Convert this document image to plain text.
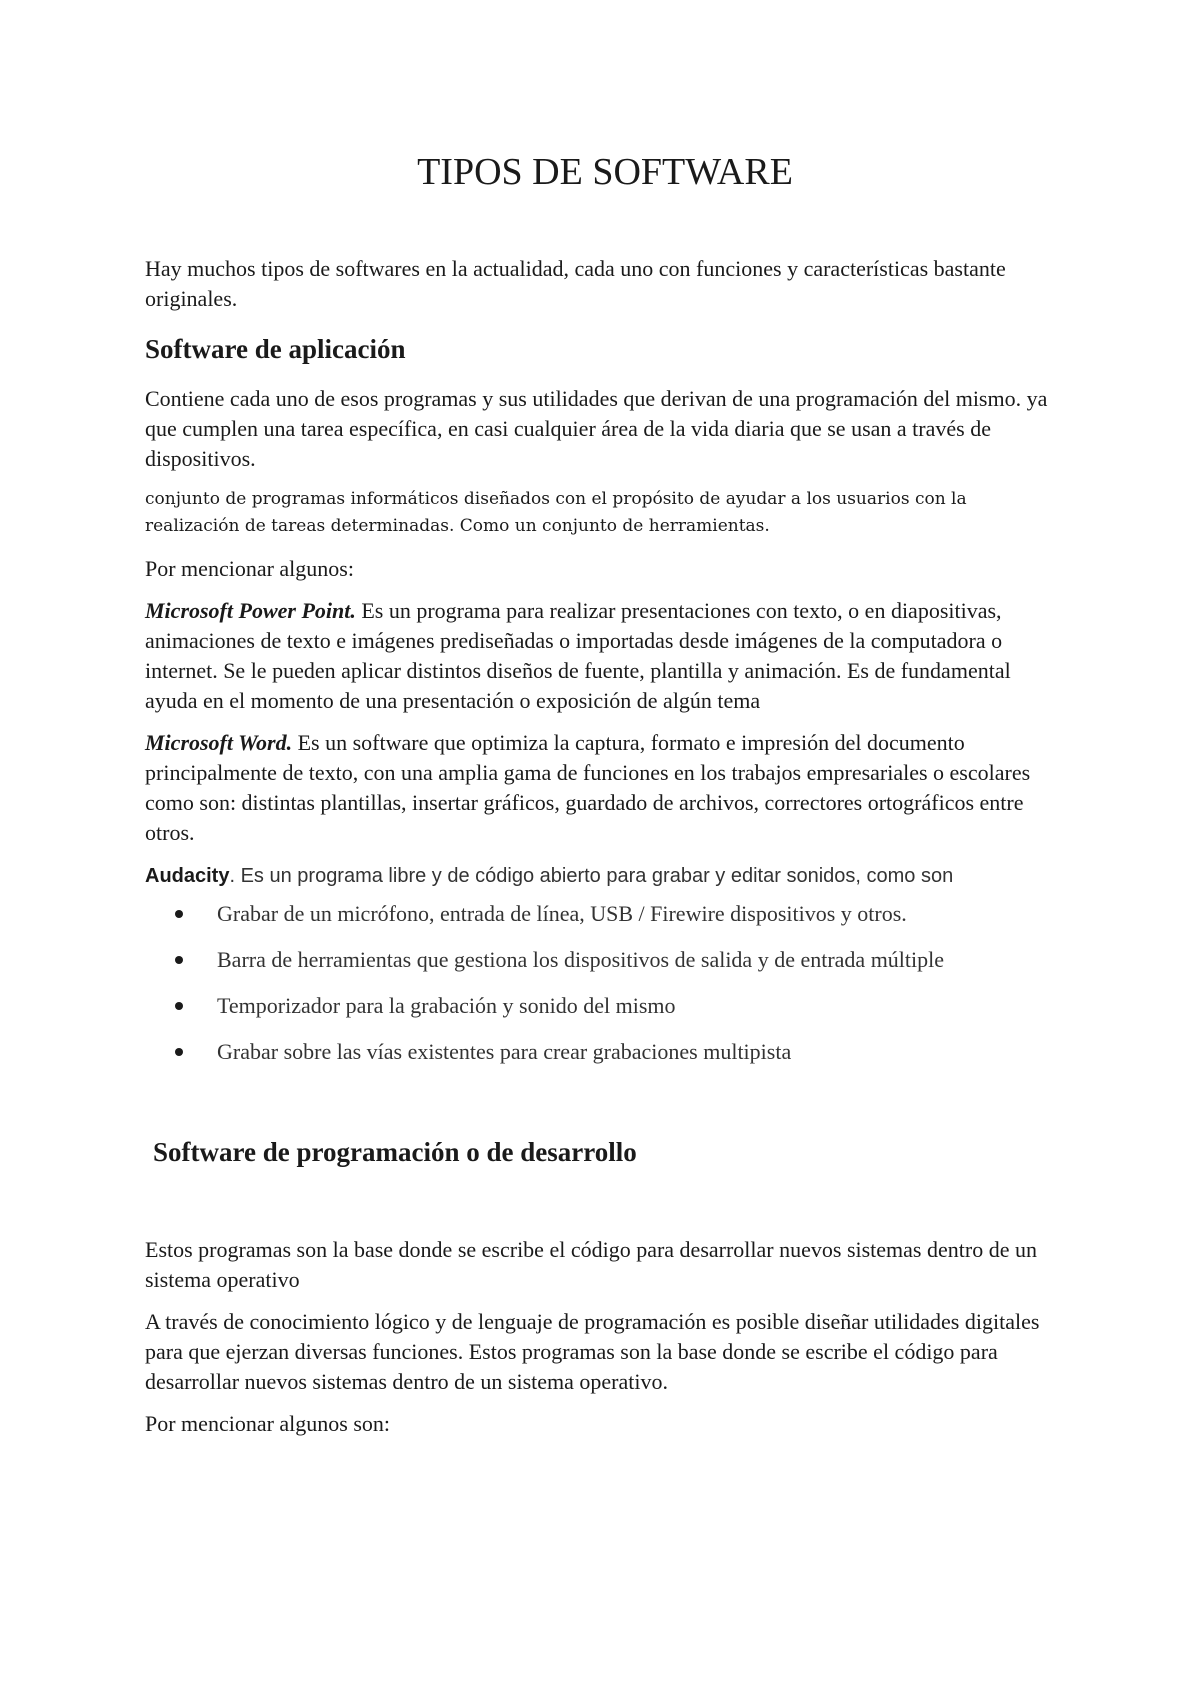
TIPOS DE SOFTWARE

Hay muchos tipos de softwares en la actualidad, cada uno con funciones y características bastante originales.

Software de aplicación

Contiene cada uno de esos programas y sus utilidades que derivan de una programación del mismo. ya que cumplen una tarea específica, en casi cualquier área de la vida diaria que se usan a través de dispositivos.

conjunto de programas informáticos diseñados con el propósito de ayudar a los usuarios con la realización de tareas determinadas. Como un conjunto de herramientas.

Por mencionar algunos:

Microsoft Power Point. Es un programa para realizar presentaciones con texto, o en diapositivas, animaciones de texto e imágenes prediseñadas o importadas desde imágenes de la computadora o internet. Se le pueden aplicar distintos diseños de fuente, plantilla y animación. Es de fundamental ayuda en el momento de una presentación o exposición de algún tema

Microsoft Word. Es un software que optimiza la captura, formato e impresión del documento principalmente de texto, con una amplia gama de funciones en los trabajos empresariales o escolares como son: distintas plantillas, insertar gráficos, guardado de archivos, correctores ortográficos entre otros.

Audacity. Es un programa libre y de código abierto para grabar y editar sonidos, como son

Grabar de un micrófono, entrada de línea, USB / Firewire dispositivos y otros.
Barra de herramientas que gestiona los dispositivos de salida y de entrada múltiple
Temporizador para la grabación y sonido del mismo
Grabar sobre las vías existentes para crear grabaciones multipista
Software de programación o de desarrollo

Estos programas son la base donde se escribe el código para desarrollar nuevos sistemas dentro de un sistema operativo

A través de conocimiento lógico y de lenguaje de programación es posible diseñar utilidades digitales para que ejerzan diversas funciones. Estos programas son la base donde se escribe el código para desarrollar nuevos sistemas dentro de un sistema operativo.

Por mencionar algunos son:
